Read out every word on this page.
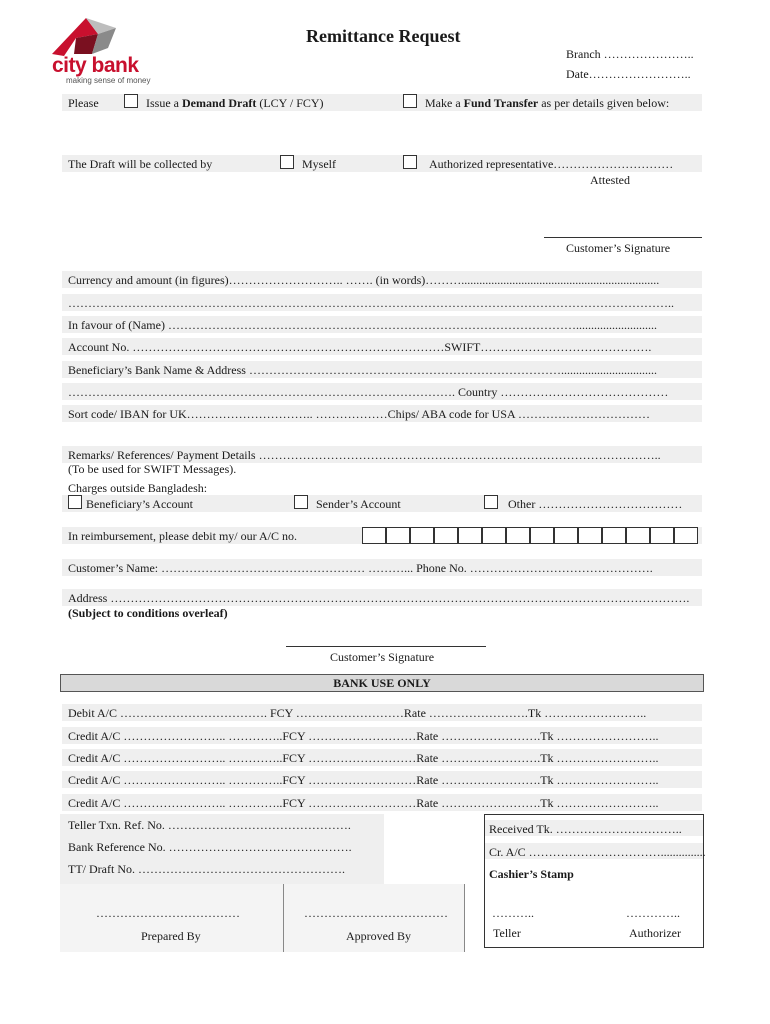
city bank
making sense of money
Remittance Request
Branch …………………..
Date……………………..
Please	Issue a Demand Draft (LCY / FCY)	Make a Fund Transfer as per details given below:
The Draft will be collected by	Myself	Authorized representative…………………………
Attested
Customer’s Signature
Currency and amount (in figures)……………………….. ……. (in words)………..................................................................
……………………………………………………………………………………………………………………………………..
In favour of (Name) …………………………………………………………………………………………...........................
Account No. ……………………………………………………………………SWIFT…………………………………….
Beneficiary’s Bank Name & Address ……………………………………………………………………................................
……………………………………………………………………………………. Country ……………………………………
Sort code/ IBAN for UK………………………….. ………………Chips/ ABA code for USA ……………………………
Remarks/ References/ Payment Details ………………………………………………………………………………………..
(To be used for SWIFT Messages).
Charges outside Bangladesh:
Beneficiary’s Account	Sender’s Account	Other ………………………………
In reimbursement, please debit my/ our A/C no.
Customer’s Name: …………………………………………… ………... Phone No. ……………………………………….
Address ……………………………………………………………………………………………………………………………….
(Subject to conditions overleaf)
Customer’s Signature
BANK USE ONLY
Debit A/C ………………………………. FCY ………………………Rate …………………….Tk ……………………..
Credit A/C …………………….. …………..FCY ………………………Rate …………………….Tk ……………………..
Credit A/C …………………….. …………..FCY ………………………Rate …………………….Tk ……………………..
Credit A/C …………………….. …………..FCY ………………………Rate …………………….Tk ……………………..
Credit A/C …………………….. …………..FCY ………………………Rate …………………….Tk ……………………..
Teller Txn. Ref. No. ……………………………………….
Bank Reference No. ……………………………………….
TT/ Draft No. …………………………………………….
Received Tk. …………………………..
Cr. A/C ……………………………...............
Cashier’s Stamp
………..	…………..
Teller	Authorizer
………………………………	………………………………
Prepared By	Approved By
